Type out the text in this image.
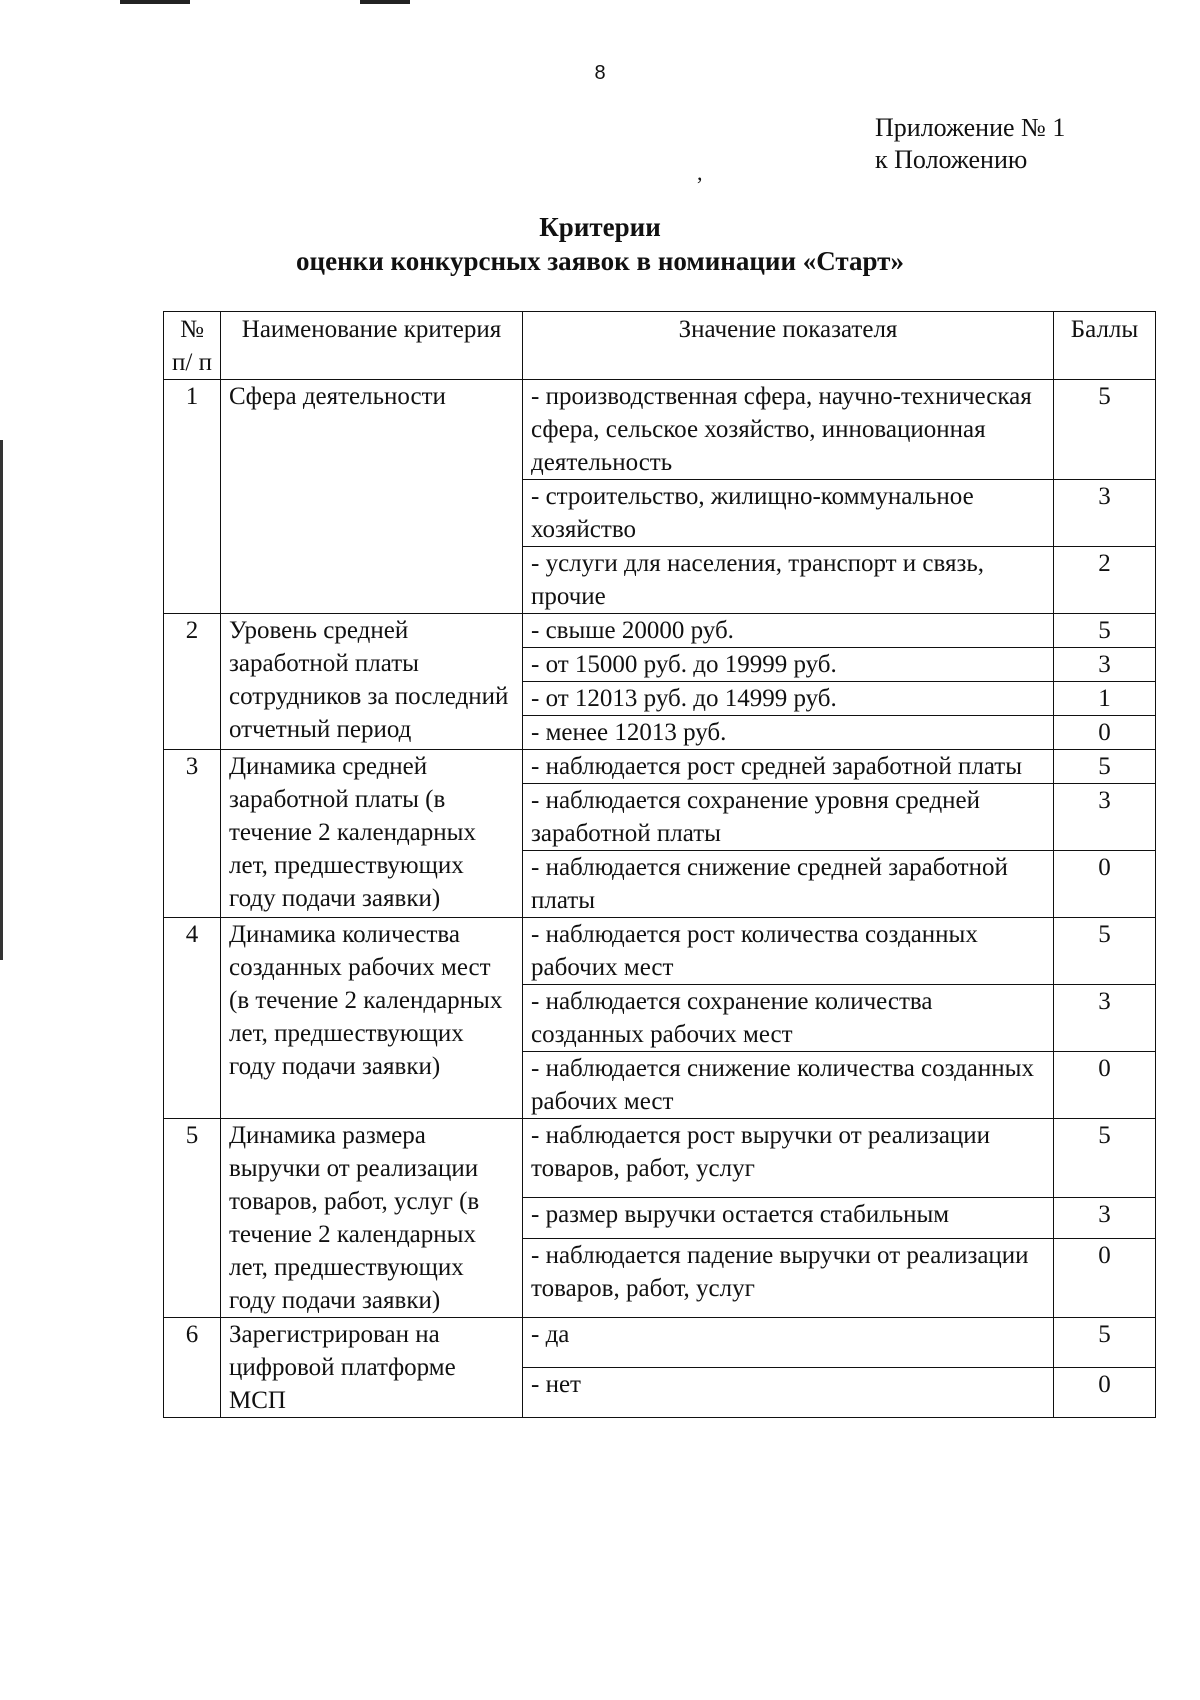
8
Приложение № 1
к Положению
,
Критерии
оценки конкурсных заявок в номинации «Старт»
№ п/ п	Наименование критерия	Значение показателя	Баллы
1	Сфера деятельности	- производственная сфера, научно-техническая сфера, сельское хозяйство, инновационная деятельность	5
		- строительство, жилищно-коммунальное хозяйство	3
		- услуги для населения, транспорт и связь, прочие	2
2	Уровень средней заработной платы сотрудников за последний отчетный период	- свыше 20000 руб.	5
		- от 15000 руб. до 19999 руб.	3
		- от 12013 руб. до 14999 руб.	1
		- менее 12013 руб.	0
3	Динамика средней заработной платы (в течение 2 календарных лет, предшествующих году подачи заявки)	- наблюдается рост средней заработной платы	5
		- наблюдается сохранение уровня средней заработной платы	3
		- наблюдается снижение средней заработной платы	0
4	Динамика количества созданных рабочих мест (в течение 2 календарных лет, предшествующих году подачи заявки)	- наблюдается рост количества созданных рабочих мест	5
		- наблюдается сохранение количества созданных рабочих мест	3
		- наблюдается снижение количества созданных рабочих мест	0
5	Динамика размера выручки от реализации товаров, работ, услуг (в течение 2 календарных лет, предшествующих году подачи заявки)	- наблюдается рост выручки от реализации товаров, работ, услуг	5
		- размер выручки остается стабильным	3
		- наблюдается падение выручки от реализации товаров, работ, услуг	0
6	Зарегистрирован на цифровой платформе МСП	- да	5
		- нет	0
